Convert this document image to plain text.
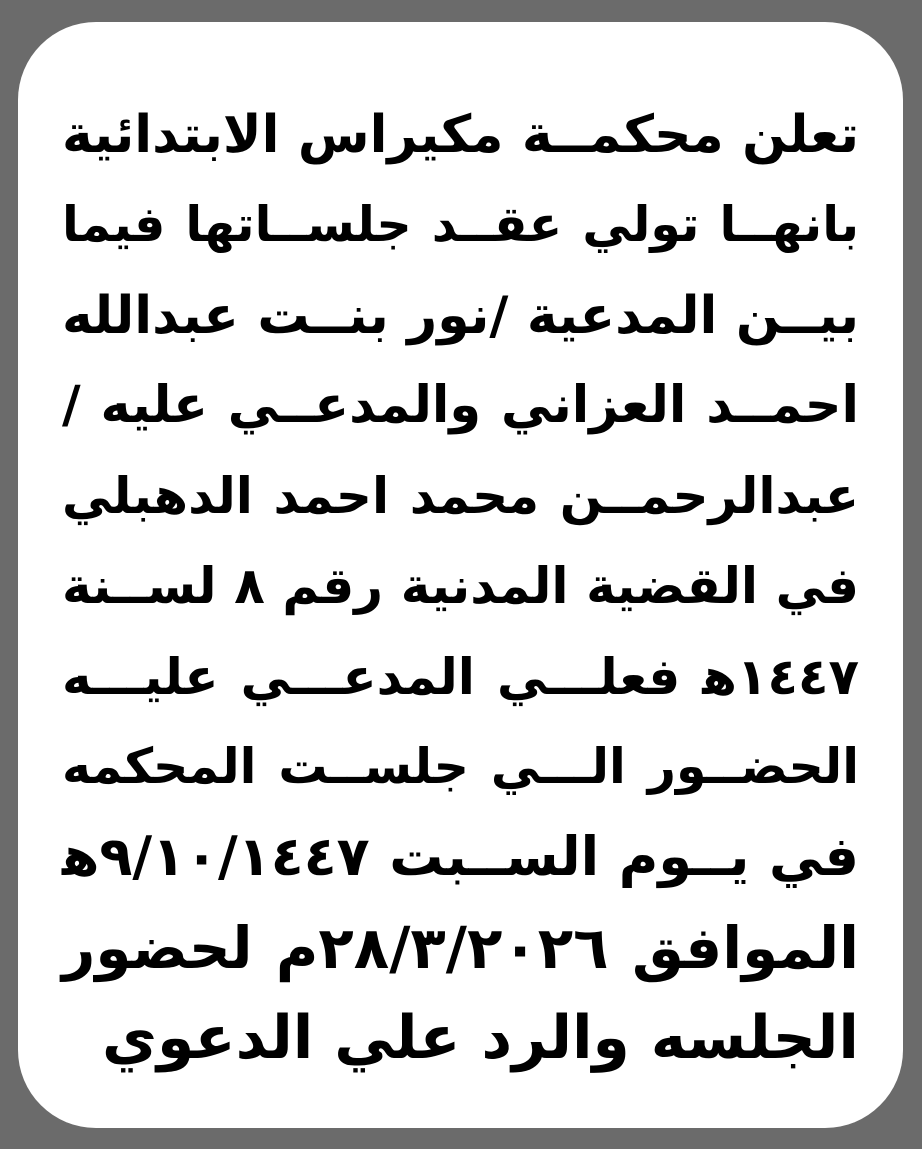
تعلن محكمــة مكيراس الابتدائية
بانهــا تولي عقــد جلســاتها فيما
بيــن المدعية /نور بنــت عبدالله
احمــد العزاني والمدعــي عليه /
عبدالرحمــن محمد احمد الدهبلي
في القضية المدنية رقم ٨ لســنة
١٤٤٧ﻫ فعلـــي المدعـــي عليـــه
الحضــور الـــي جلســت المحكمه
في يــوم الســبت ٩/١٠/١٤٤٧ﻫ
الموافق ٢٨/٣/٢٠٢٦م لحضور
الجلسه والرد علي الدعوي
